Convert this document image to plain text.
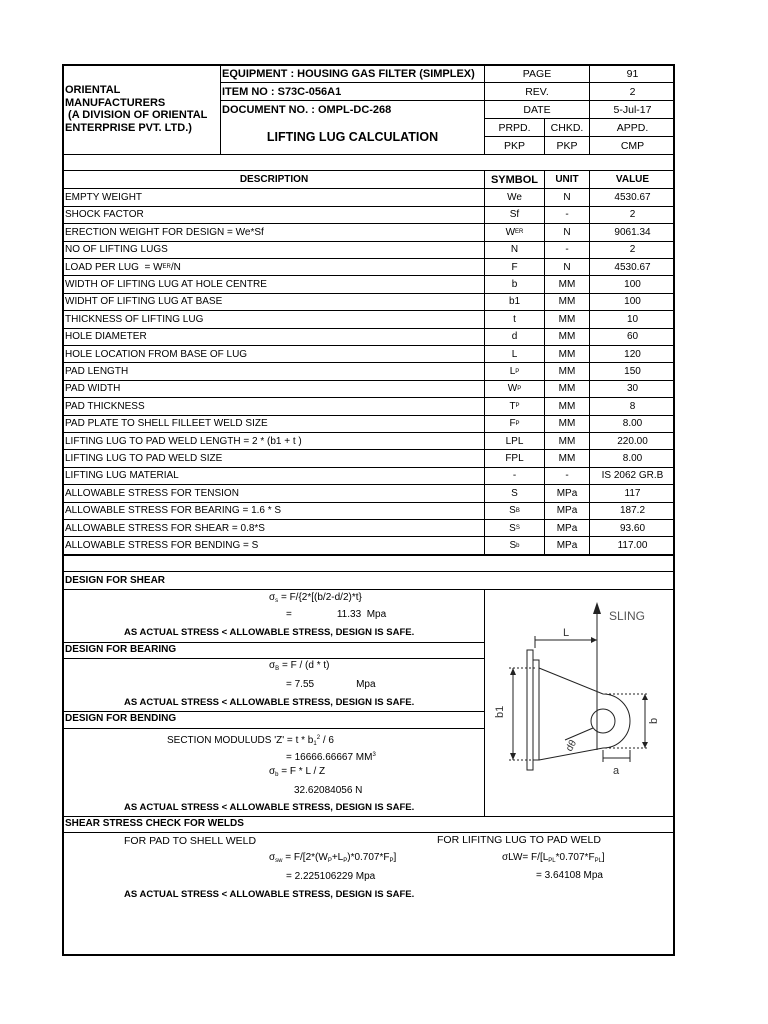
ORIENTAL
MANUFACTURERS
(A DIVISION OF ORIENTAL
ENTERPRISE PVT. LTD.)
EQUIPMENT : HOUSING GAS FILTER (SIMPLEX)
ITEM NO : S73C-056A1
DOCUMENT NO. : OMPL-DC-268
LIFTING LUG CALCULATION
PAGE	91
REV.	2
DATE	5-Jul-17
PRPD.	CHKD.	APPD.
PKP	PKP	CMP
DESCRIPTION	SYMBOL	UNIT	VALUE
DESIGN FOR SHEAR
$\sigma_s = F/\{2*[(b/2-d/2)*t\}$
=	11.33 Mpa
AS ACTUAL STRESS < ALLOWABLE STRESS, DESIGN IS SAFE.
DESIGN FOR BEARING
$\sigma_B = F / (d * t)$
= 7.55	Mpa
AS ACTUAL STRESS < ALLOWABLE STRESS, DESIGN IS SAFE.
DESIGN FOR BENDING
SECTION MODULUDS '$Z' = t * b_1^2 / 6$
= 16666.66667 $MM^3$
$\sigma_b = F * L / Z$
32.62084056 N
AS ACTUAL STRESS < ALLOWABLE STRESS, DESIGN IS SAFE.
SLING
L
b1
dθ
b
a
SHEAR STRESS CHECK FOR WELDS
FOR PAD TO SHELL WELD	FOR LIFITNG LUG TO PAD WELD
$\sigma_{sw} = F/[2*(W_P+L_P)*0.707*F_P]$	$\sigma LW= F/[L_{PL}*0.707*F_{PL}]$
= 2.225106229 Mpa	= 3.64108 Mpa
AS ACTUAL STRESS < ALLOWABLE STRESS, DESIGN IS SAFE.
EMPTY WEIGHT	We	N	4530.67
SHOCK FACTOR	Sf	-	2
ERECTION WEIGHT FOR DESIGN = We*Sf	W ER	N	9061.34
NO OF LIFTING LUGS	N	-	2
LOAD PER LUG  = W ER /N	F	N	4530.67
WIDTH OF LIFTING LUG AT HOLE CENTRE	b	MM	100
WIDHT OF LIFTING LUG AT BASE	b1	MM	100
THICKNESS OF LIFTING LUG	t	MM	10
HOLE DIAMETER	d	MM	60
HOLE LOCATION FROM BASE OF LUG	L	MM	120
PAD LENGTH	L P	MM	150
PAD WIDTH	W P	MM	30
PAD THICKNESS	T P	MM	8
PAD PLATE TO SHELL FILLEET WELD SIZE	F P	MM	8.00
LIFTING LUG TO PAD WELD LENGTH = 2 * (b1 + t )	LPL	MM	220.00
LIFTING LUG TO PAD WELD SIZE	FPL	MM	8.00
LIFTING LUG MATERIAL	-	-	IS 2062 GR.B
ALLOWABLE STRESS FOR TENSION	S	MPa	117
ALLOWABLE STRESS FOR BEARING = 1.6 * S	S B	MPa	187.2
ALLOWABLE STRESS FOR SHEAR = 0.8*S	S S	MPa	93.60
ALLOWABLE STRESS FOR BENDING = S	S b	MPa	117.00
